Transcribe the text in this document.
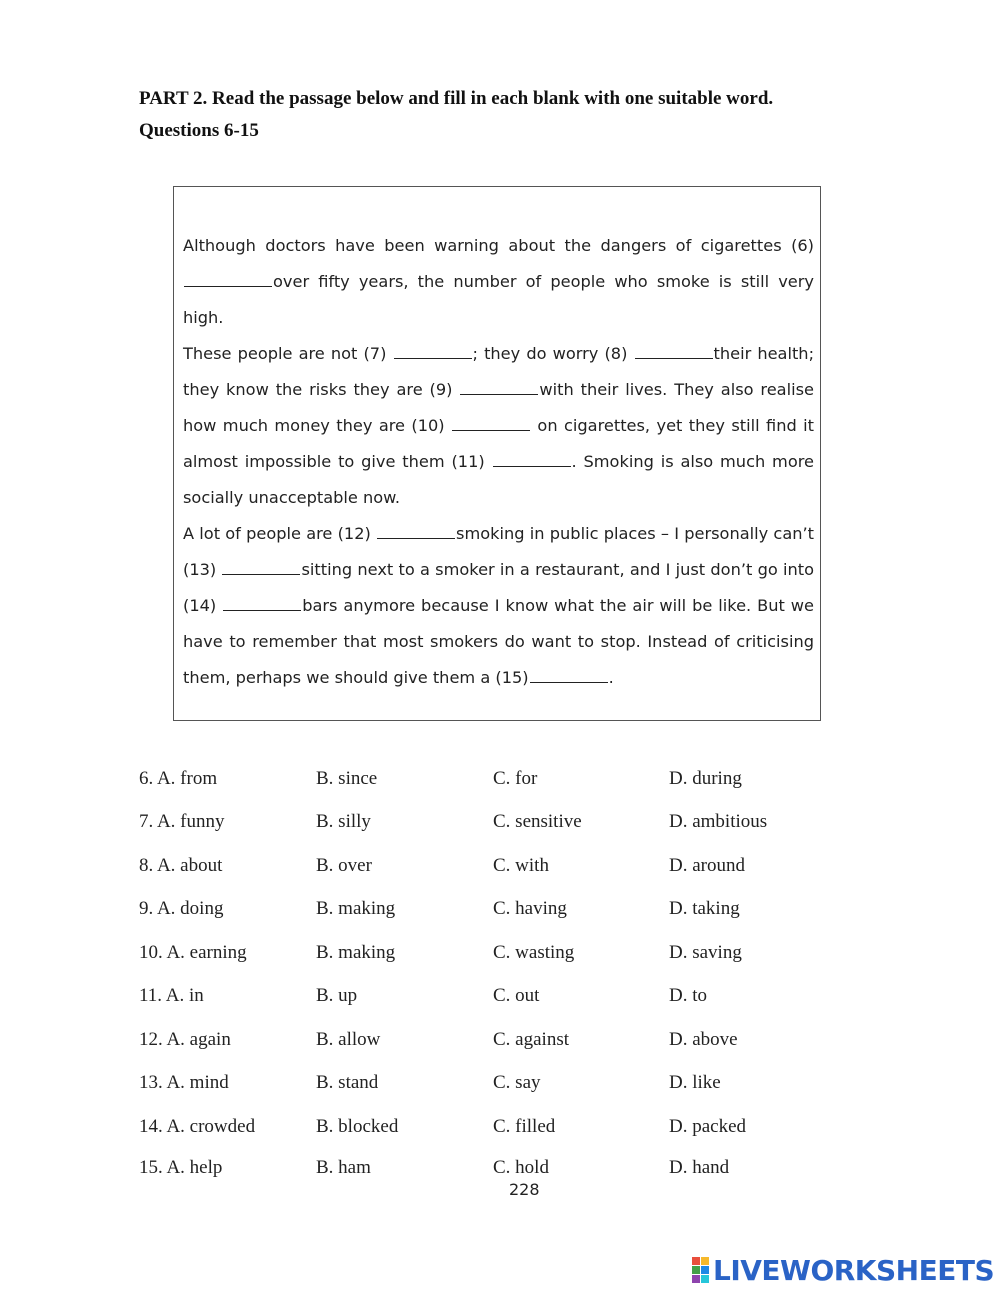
PART 2. Read the passage below and fill in each blank with one suitable word.
Questions 6-15

Although doctors have been warning about the dangers of cigarettes (6)over fifty years, the number of people who smoke is still very high.

These people are not (7)	; they do worry (8)	their health; they know the risks they are (9)	with their lives. They also realise how much money they are (10)	on cigarettes, yet they still find it almost impossible to give them (11)	. Smoking is also much more socially unacceptable now.

A lot of people are (12)	smoking in public places – I personally can’t (13)	sitting next to a smoker in a restaurant, and I just don’t go into (14)	bars anymore because I know what the air will be like. But we have to remember that most smokers do want to stop. Instead of criticising them, perhaps we should give them a (15)	.

6. A. from	B. since	C. for	D. during
7. A. funny	B. silly	C. sensitive	D. ambitious
8. A. about	B. over	C. with	D. around
9. A. doing	B. making	C. having	D. taking
10. A. earning	B. making	C. wasting	D. saving
11. A. in	B. up	C. out	D. to
12. A. again	B. allow	C. against	D. above
13. A. mind	B. stand	C. say	D. like
14. A. crowded	B. blocked	C. filled	D. packed
15. A. help	B. ham	C. hold	D. hand
228
LIVEWORKSHEETS
